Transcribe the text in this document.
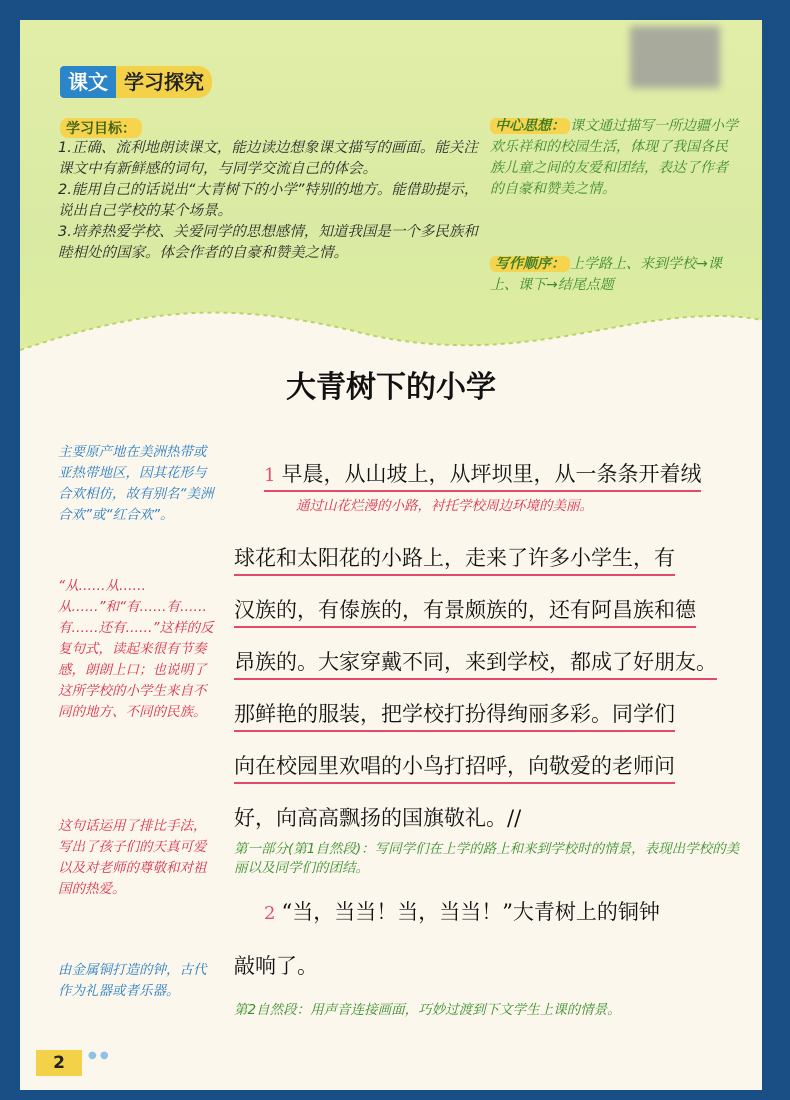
课文 学习探究
学习目标：

1.正确、流利地朗读课文，能边读边想象课文描写的画面。能关注课文中有新鲜感的词句，与同学交流自己的体会。

2.能用自己的话说出“大青树下的小学”特别的地方。能借助提示，说出自己学校的某个场景。

3.培养热爱学校、关爱同学的思想感情，知道我国是一个多民族和睦相处的国家。体会作者的自豪和赞美之情。

中心思想： 课文通过描写一所边疆小学欢乐祥和的校园生活，体现了我国各民族儿童之间的友爱和团结，表达了作者的自豪和赞美之情。
写作顺序： 上学路上、来到学校→课上、课下→结尾点题
大青树下的小学
主要原产地在美洲热带或亚热带地区，因其花形与合欢相仿，故有别名“美洲合欢”或“红合欢”。
“从……从……从……”和“有……有……有……还有……”这样的反复句式，读起来很有节奏感，朗朗上口；也说明了这所学校的小学生来自不同的地方、不同的民族。
这句话运用了排比手法，写出了孩子们的天真可爱以及对老师的尊敬和对祖国的热爱。
由金属铜打造的钟，古代作为礼器或者乐器。
1 早晨，从山坡上，从坪坝里，从一条条开着绒
通过山花烂漫的小路，衬托学校周边环境的美丽。
球花和太阳花的小路上，走来了许多小学生，有
汉族的，有傣族的，有景颇族的，还有阿昌族和德
昂族的。大家穿戴不同，来到学校，都成了好朋友。
那鲜艳的服装，把学校打扮得绚丽多彩。同学们
向在校园里欢唱的小鸟打招呼，向敬爱的老师问
好，向高高飘扬的国旗敬礼。//
第一部分(第1自然段)：写同学们在上学的路上和来到学校时的情景，表现出学校的美丽以及同学们的团结。
2 “当，当当！当，当当！”大青树上的铜钟
敲响了。
第2自然段：用声音连接画面，巧妙过渡到下文学生上课的情景。
2	● ●
